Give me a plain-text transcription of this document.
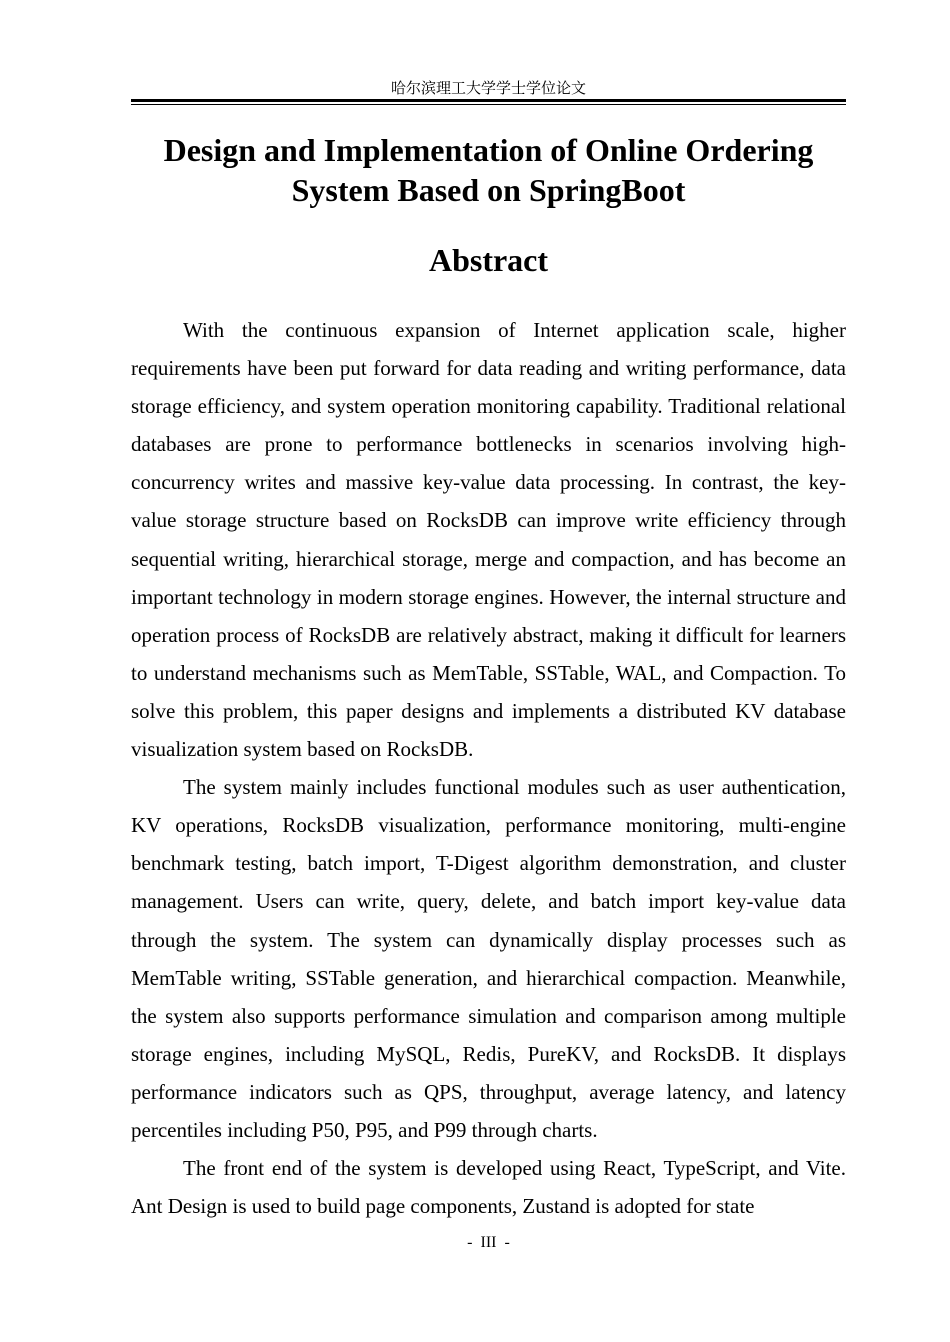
哈尔滨理工大学学士学位论文
Design and Implementation of Online Ordering System Based on SpringBoot
Abstract

With the continuous expansion of Internet application scale, higher requirements have been put forward for data reading and writing performance, data storage efficiency, and system operation monitoring capability. Traditional relational databases are prone to performance bottlenecks in scenarios involving high-concurrency writes and massive key-value data processing. In contrast, the key-value storage structure based on RocksDB can improve write efficiency through sequential writing, hierarchical storage, merge and compaction, and has become an important technology in modern storage engines. However, the internal structure and operation process of RocksDB are relatively abstract, making it difficult for learners to understand mechanisms such as MemTable, SSTable, WAL, and Compaction. To solve this problem, this paper designs and implements a distributed KV database visualization system based on RocksDB.

The system mainly includes functional modules such as user authentication, KV operations, RocksDB visualization, performance monitoring, multi-engine benchmark testing, batch import, T-Digest algorithm demonstration, and cluster management. Users can write, query, delete, and batch import key-value data through the system. The system can dynamically display processes such as MemTable writing, SSTable generation, and hierarchical compaction. Meanwhile, the system also supports performance simulation and comparison among multiple storage engines, including MySQL, Redis, PureKV, and RocksDB. It displays performance indicators such as QPS, throughput, average latency, and latency percentiles including P50, P95, and P99 through charts.

The front end of the system is developed using React, TypeScript, and Vite. Ant Design is used to build page components, Zustand is adopted for state

- III -
